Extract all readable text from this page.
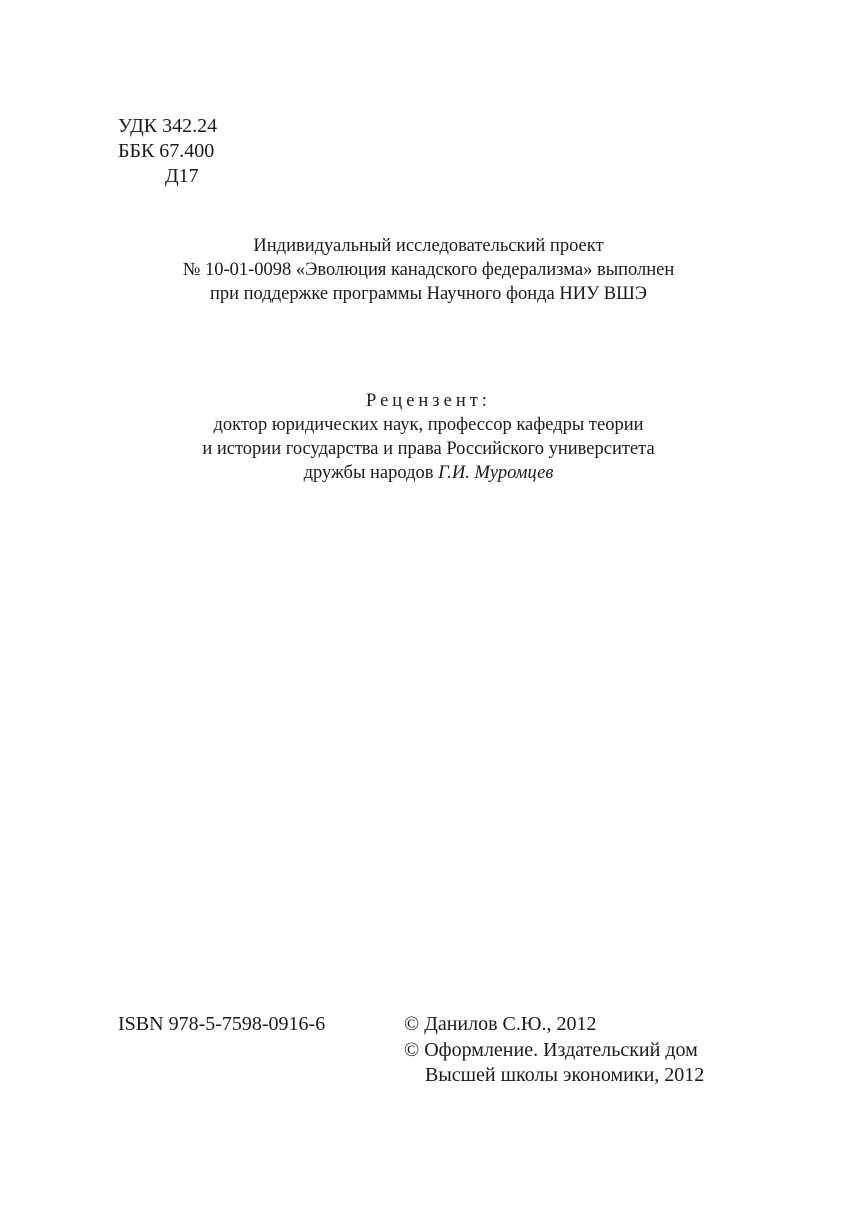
УДК 342.24
ББК 67.400
Д17
Индивидуальный исследовательский проект
№ 10-01-0098 «Эволюция канадского федерализма» выполнен
при поддержке программы Научного фонда НИУ ВШЭ
Рецензент:
доктор юридических наук, профессор кафедры теории
и истории государства и права Российского университета
дружбы народов Г.И. Муромцев
ISBN 978-5-7598-0916-6	© Данилов С.Ю., 2012
© Оформление. Издательский дом
Высшей школы экономики, 2012
